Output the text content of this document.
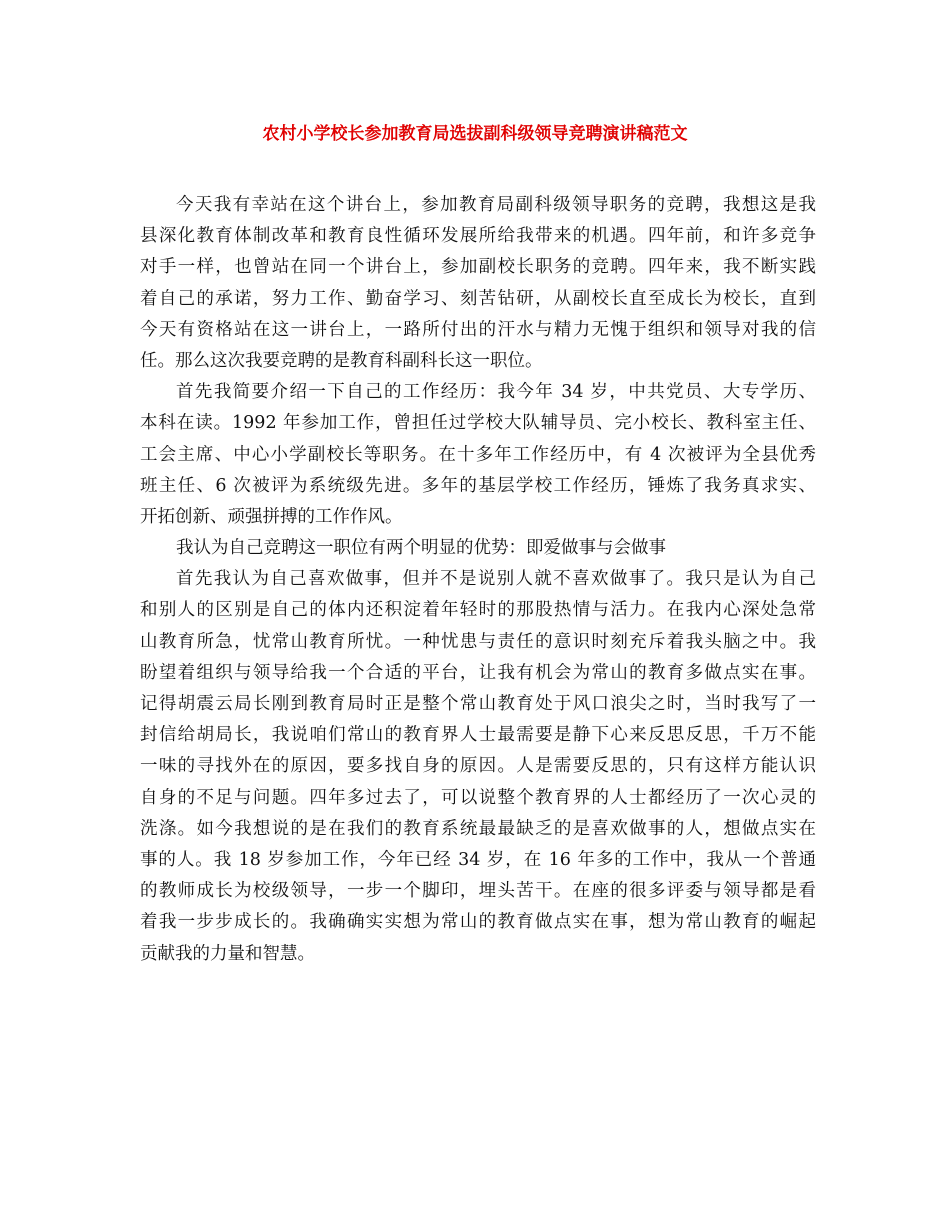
农村小学校长参加教育局选拔副科级领导竞聘演讲稿范文
今天我有幸站在这个讲台上，参加教育局副科级领导职务的竞聘，我想这是我
县深化教育体制改革和教育良性循环发展所给我带来的机遇。四年前，和许多竞争
对手一样，也曾站在同一个讲台上，参加副校长职务的竞聘。四年来，我不断实践
着自己的承诺，努力工作、勤奋学习、刻苦钻研，从副校长直至成长为校长，直到
今天有资格站在这一讲台上，一路所付出的汗水与精力无愧于组织和领导对我的信
任。那么这次我要竞聘的是教育科副科长这一职位。
首先我简要介绍一下自己的工作经历：我今年 34 岁，中共党员、大专学历、
本科在读。1992 年参加工作，曾担任过学校大队辅导员、完小校长、教科室主任、
工会主席、中心小学副校长等职务。在十多年工作经历中，有 4 次被评为全县优秀
班主任、6 次被评为系统级先进。多年的基层学校工作经历，锤炼了我务真求实、
开拓创新、顽强拼搏的工作作风。
我认为自己竞聘这一职位有两个明显的优势：即爱做事与会做事
首先我认为自己喜欢做事，但并不是说别人就不喜欢做事了。我只是认为自己
和别人的区别是自己的体内还积淀着年轻时的那股热情与活力。在我内心深处急常
山教育所急，忧常山教育所忧。一种忧患与责任的意识时刻充斥着我头脑之中。我
盼望着组织与领导给我一个合适的平台，让我有机会为常山的教育多做点实在事。
记得胡震云局长刚到教育局时正是整个常山教育处于风口浪尖之时，当时我写了一
封信给胡局长，我说咱们常山的教育界人士最需要是静下心来反思反思，千万不能
一味的寻找外在的原因，要多找自身的原因。人是需要反思的，只有这样方能认识
自身的不足与问题。四年多过去了，可以说整个教育界的人士都经历了一次心灵的
洗涤。如今我想说的是在我们的教育系统最最缺乏的是喜欢做事的人，想做点实在
事的人。我 18 岁参加工作，今年已经 34 岁，在 16 年多的工作中，我从一个普通
的教师成长为校级领导，一步一个脚印，埋头苦干。在座的很多评委与领导都是看
着我一步步成长的。我确确实实想为常山的教育做点实在事，想为常山教育的崛起
贡献我的力量和智慧。
